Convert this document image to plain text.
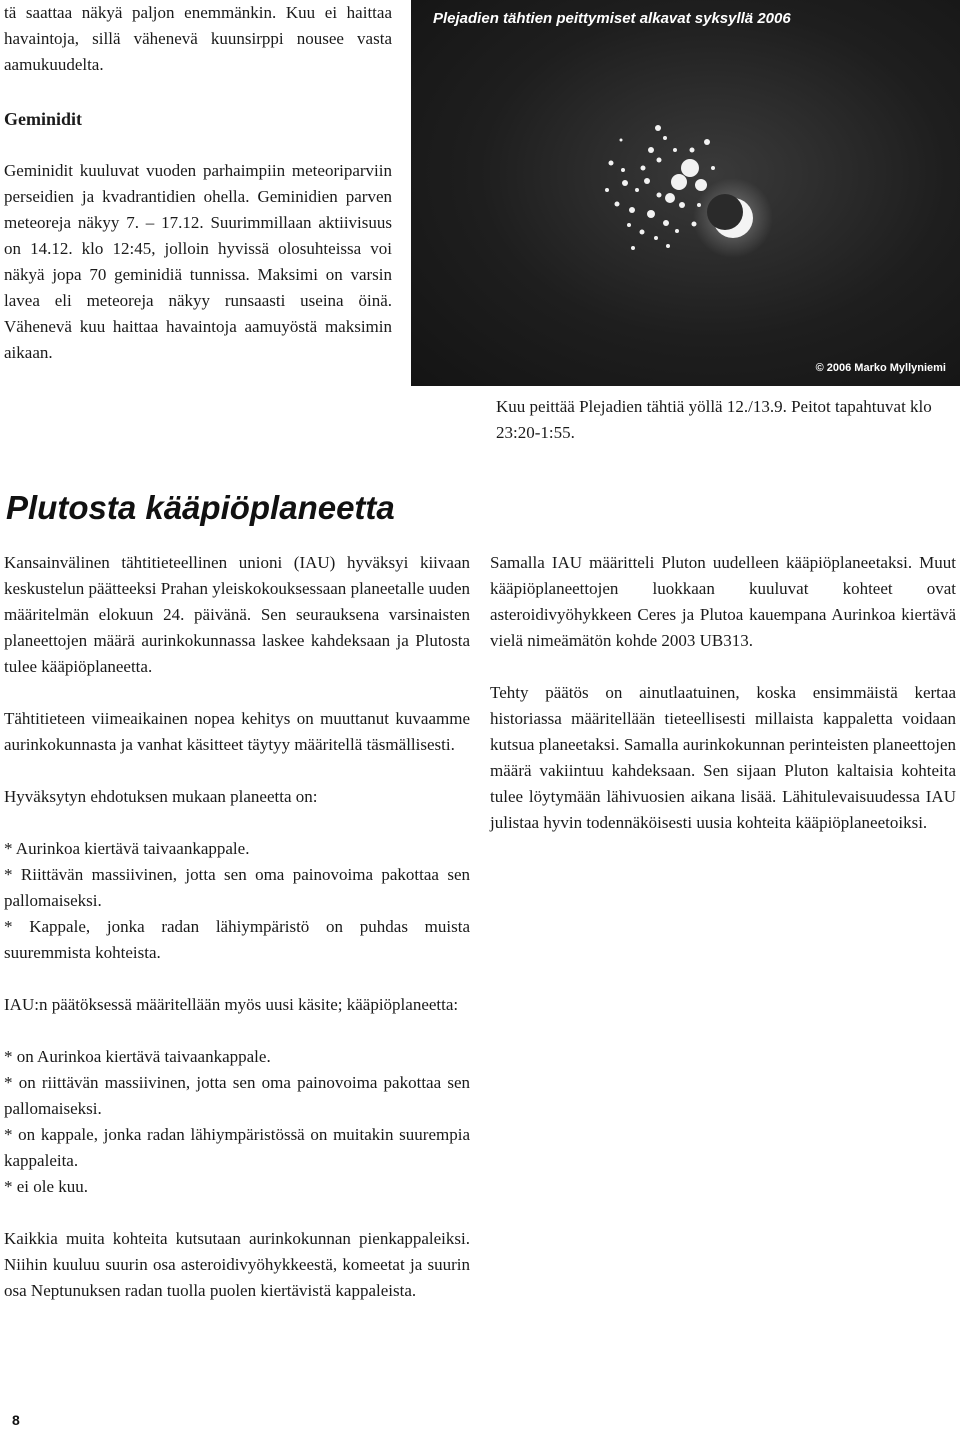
tä saattaa näkyä paljon enemmänkin. Kuu ei haittaa havaintoja, sillä vähenevä kuunsirppi nousee vasta aamukuudelta.

Geminidit

Geminidit kuuluvat vuoden parhaimpiin meteoriparviin perseidien ja kvadrantidien ohella. Geminidien parven meteoreja näkyy 7. – 17.12. Suurimmillaan aktiivisuus on 14.12. klo 12:45, jolloin hyvissä olosuhteissa voi näkyä jopa 70 geminidiä tunnissa. Maksimi on varsin lavea eli meteoreja näkyy runsaasti useina öinä. Vähenevä kuu haittaa havaintoja aamuyöstä maksimin aikaan.

Plejadien tähtien peittymiset alkavat syksyllä 2006
© 2006 Marko Myllyniemi

Kuu peittää Plejadien tähtiä yöllä 12./13.9. Peitot tapahtuvat klo 23:20-1:55.

Plutosta kääpiöplaneetta

Kansainvälinen tähtitieteellinen unioni (IAU) hyväksyi kiivaan keskustelun päätteeksi Prahan yleiskokouksessaan planeetalle uuden määritelmän elokuun 24. päivänä. Sen seurauksena varsinaisten planeettojen määrä aurinkokunnassa laskee kahdeksaan ja Plutosta tulee kääpiöplaneetta.

Tähtitieteen viimeaikainen nopea kehitys on muuttanut kuvaamme aurinkokunnasta ja vanhat käsitteet täytyy määritellä täsmällisesti.

Hyväksytyn ehdotuksen mukaan planeetta on:

* Aurinkoa kiertävä taivaankappale.

* Riittävän massiivinen, jotta sen oma painovoima pakottaa sen pallomaiseksi.

* Kappale, jonka radan lähiympäristö on puhdas muista suuremmista kohteista.

IAU:n päätöksessä määritellään myös uusi käsite; kääpiöplaneetta:

* on Aurinkoa kiertävä taivaankappale.

* on riittävän massiivinen, jotta sen oma painovoima pakottaa sen pallomaiseksi.

* on kappale, jonka radan lähiympäristössä on muitakin suurempia kappaleita.

* ei ole kuu.

Kaikkia muita kohteita kutsutaan aurinkokunnan pienkappaleiksi. Niihin kuuluu suurin osa asteroidivyöhykkeestä, komeetat ja suurin osa Neptunuksen radan tuolla puolen kiertävistä kappaleista.

Samalla IAU määritteli Pluton uudelleen kääpiöplaneetaksi. Muut kääpiöplaneettojen luokkaan kuuluvat kohteet ovat asteroidivyöhykkeen Ceres ja Plutoa kauempana Aurinkoa kiertävä vielä nimeämätön kohde 2003 UB313.

Tehty päätös on ainutlaatuinen, koska ensimmäistä kertaa historiassa määritellään tieteellisesti millaista kappaletta voidaan kutsua planeetaksi. Samalla aurinkokunnan perinteisten planeettojen määrä vakiintuu kahdeksaan. Sen sijaan Pluton kaltaisia kohteita tulee löytymään lähivuosien aikana lisää. Lähitulevaisuudessa IAU julistaa hyvin todennäköisesti uusia kohteita kääpiöplaneetoiksi.

8
